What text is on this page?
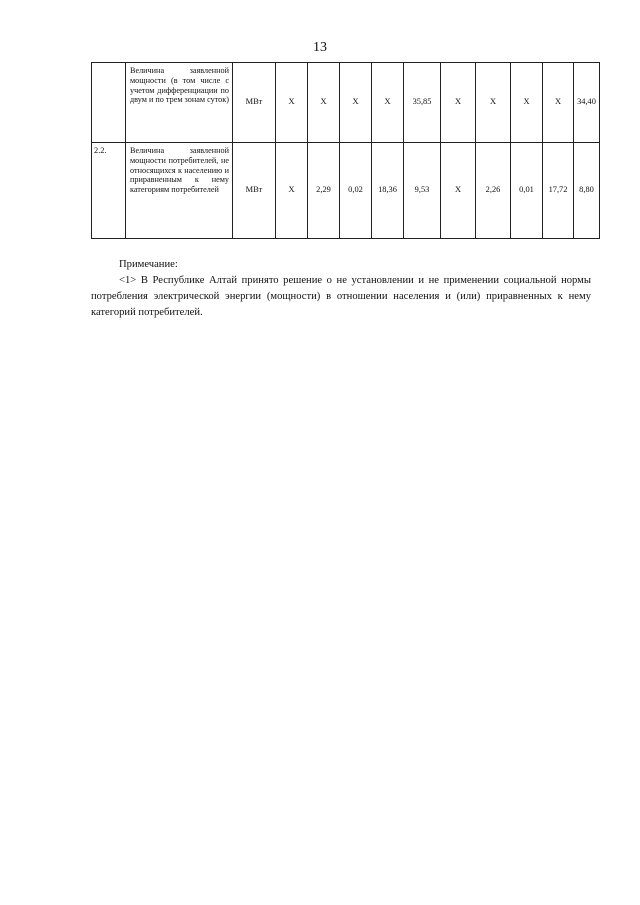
13
	Величина заявленной мощности (в том числе с учетом дифференциации по двум и по трем зонам суток)	МВт	Х	Х	Х	Х	35,85	Х	Х	Х	Х	34,40
2.2.	Величина заявленной мощности потребителей, не относящихся к населению и приравненным к нему категориям потребителей	МВт	Х	2,29	0,02	18,36	9,53	Х	2,26	0,01	17,72	8,80
Примечание:
<1> В Республике Алтай принято решение о не установлении и не применении социальной нормы потребления электрической энергии (мощности) в отношении населения и (или) приравненных к нему категорий потребителей.
